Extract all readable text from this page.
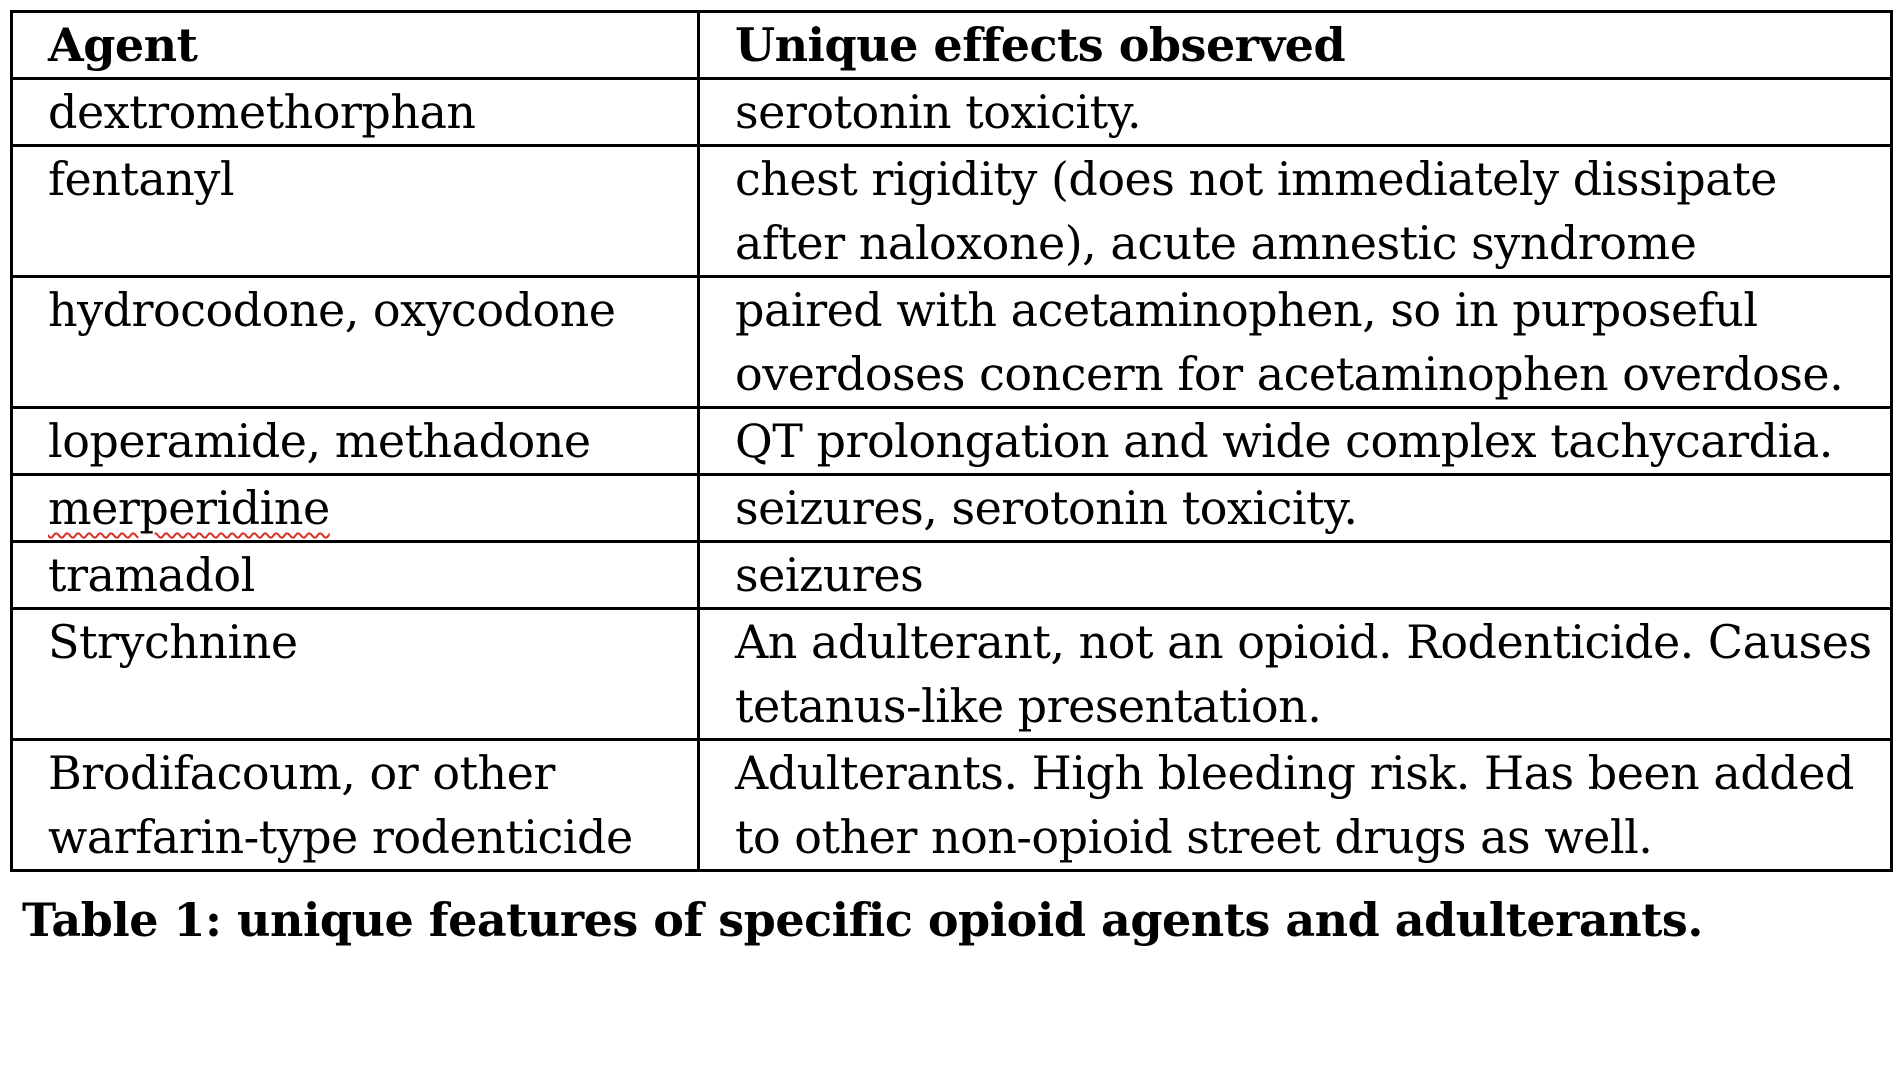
Agent	Unique effects observed
dextromethorphan	serotonin toxicity.
fentanyl	chest rigidity (does not immediately dissipate after naloxone), acute amnestic syndrome
hydrocodone, oxycodone	paired with acetaminophen, so in purposeful overdoses concern for acetaminophen overdose.
loperamide, methadone	QT prolongation and wide complex tachycardia.
merperidine	seizures, serotonin toxicity.
tramadol	seizures
Strychnine	An adulterant, not an opioid. Rodenticide. Causes tetanus-like presentation.
Brodifacoum, or other warfarin-type rodenticide	Adulterants. High bleeding risk. Has been added to other non-opioid street drugs as well.
Table 1: unique features of specific opioid agents and adulterants.
